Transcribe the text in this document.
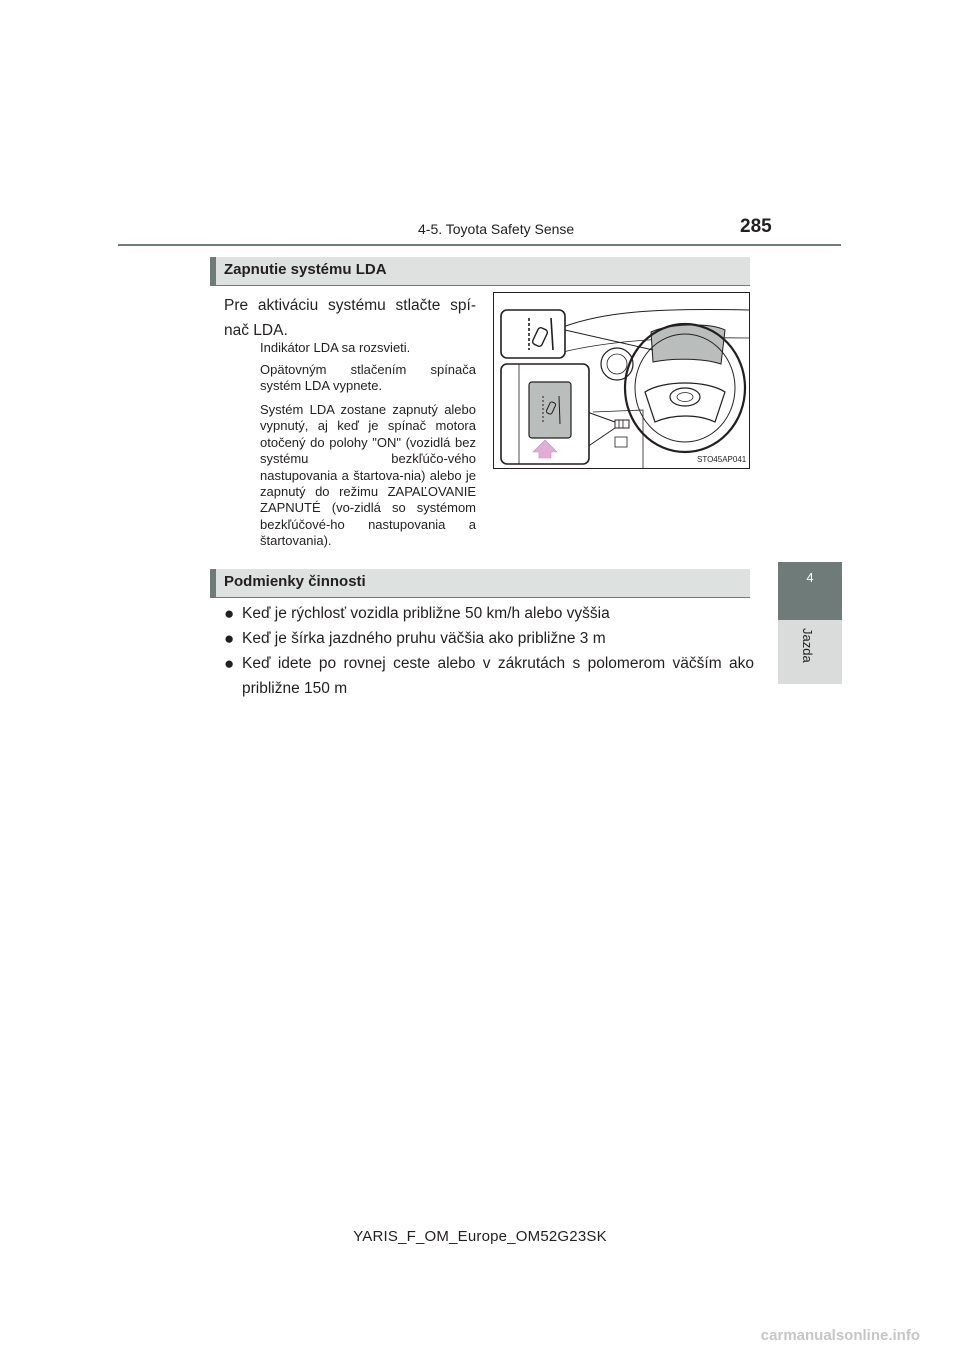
4-5. Toyota Safety Sense	285
4
Jazda
Zapnutie systému LDA
Pre aktiváciu systému stlačte spí-
nač LDA.
Indikátor LDA sa rozsvieti.
Opätovným stlačením spínača systém LDA vypnete.
Systém LDA zostane zapnutý alebo vypnutý, aj keď je spínač motora otočený do polohy "ON" (vozidlá bez systému bezkľúčo-vého nastupovania a štartova-nia) alebo je zapnutý do režimu ZAPAĽOVANIE ZAPNUTÉ (vo-zidlá so systémom bezkľúčové-ho nastupovania a štartovania).
STO45AP041
Podmienky činnosti
● Keď je rýchlosť vozidla približne 50 km/h alebo vyššia
● Keď je šírka jazdného pruhu väčšia ako približne 3 m
● Keď idete po rovnej ceste alebo v zákrutách s polomerom väčším ako približne 150 m
YARIS_F_OM_Europe_OM52G23SK
carmanualsonline.info
